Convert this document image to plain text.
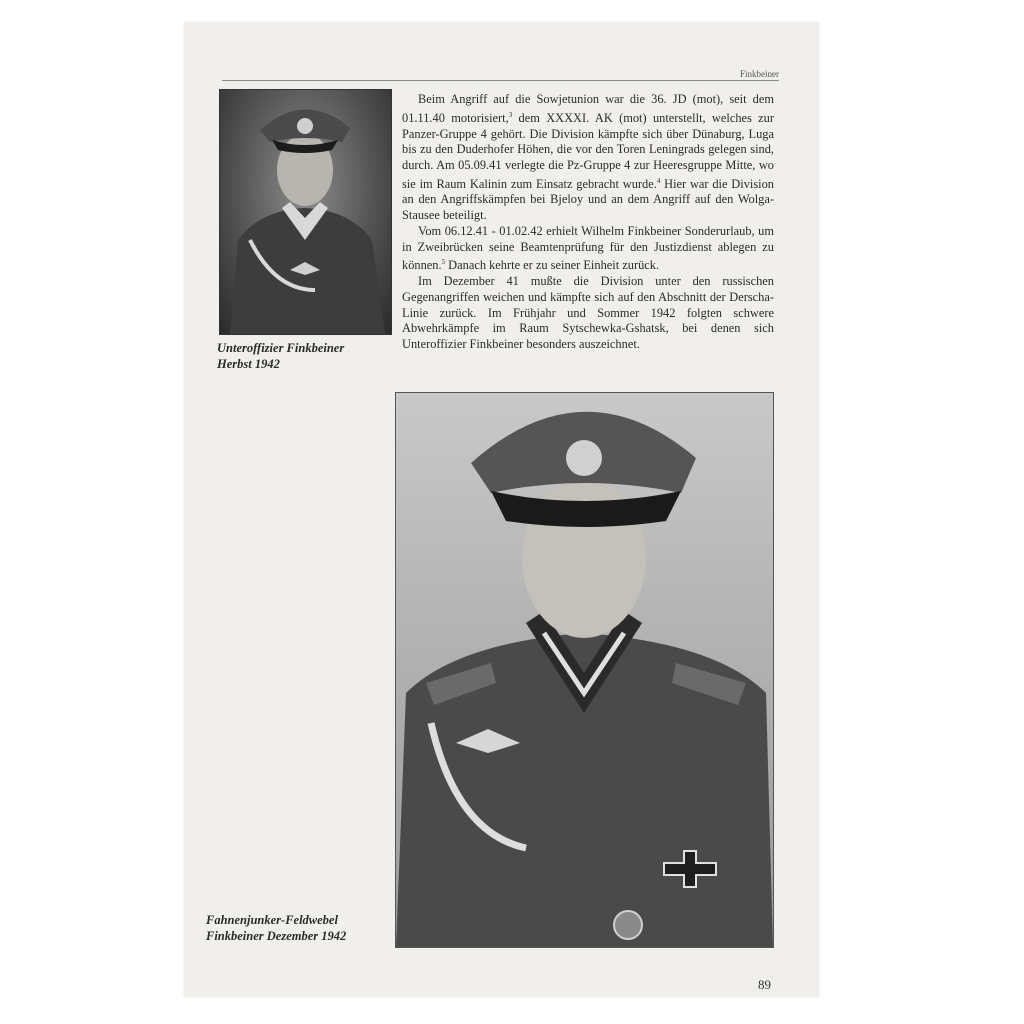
Finkbeiner
Unteroffizier Finkbeiner
Herbst 1942

Beim Angriff auf die Sowjetunion war die 36. JD (mot), seit dem 01.11.40 motorisiert,$^3$ dem XXXXI. AK (mot) unterstellt, welches zur Panzer-Gruppe 4 gehört. Die Division kämpfte sich über Dünaburg, Luga bis zu den Duderhofer Höhen, die vor den Toren Leningrads gelegen sind, durch. Am 05.09.41 verlegte die Pz-Gruppe 4 zur Heeresgruppe Mitte, wo sie im Raum Kalinin zum Einsatz gebracht wurde.$^4$ Hier war die Division an den Angriffskämpfen bei Bjeloy und an dem Angriff auf den Wolga-Stausee beteiligt.

Vom 06.12.41 - 01.02.42 erhielt Wilhelm Finkbeiner Sonderurlaub, um in Zweibrücken seine Beamtenprüfung für den Justizdienst ablegen zu können.$^5$ Danach kehrte er zu seiner Einheit zurück.

Im Dezember 41 mußte die Division unter den russischen Gegenangriffen weichen und kämpfte sich auf den Abschnitt der Derscha-Linie zurück. Im Frühjahr und Sommer 1942 folgten schwere Abwehrkämpfe im Raum Sytschewka-Gshatsk, bei denen sich Unteroffizier Finkbeiner besonders auszeichnet.

Fahnenjunker-Feldwebel
Finkbeiner Dezember 1942
89
